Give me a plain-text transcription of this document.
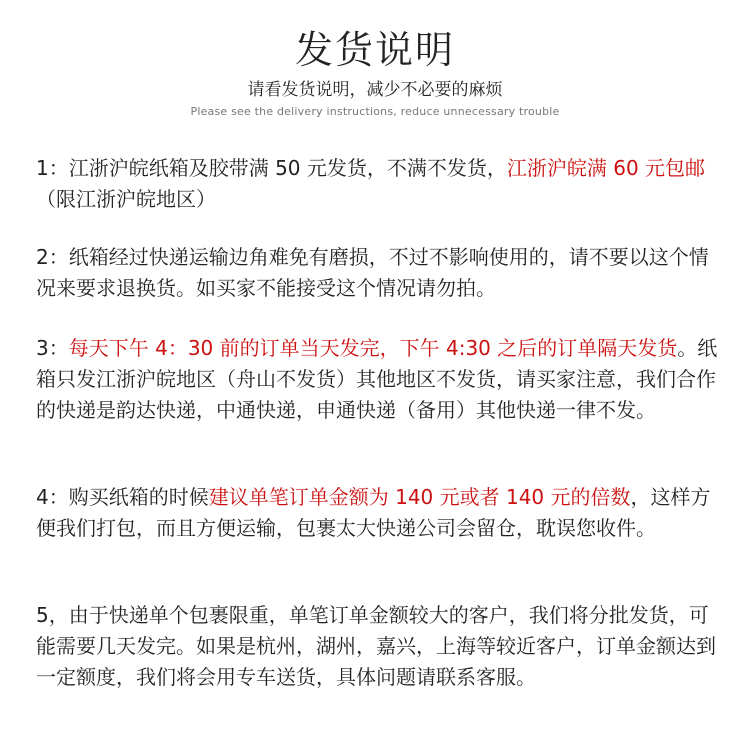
发货说明
请看发货说明，减少不必要的麻烦
Please see the delivery instructions, reduce unnecessary trouble
1：江浙沪皖纸箱及胶带满 50 元发货，不满不发货，江浙沪皖满 60 元包邮（限江浙沪皖地区）
2：纸箱经过快递运输边角难免有磨损，不过不影响使用的，请不要以这个情况来要求退换货。如买家不能接受这个情况请勿拍。
3：每天下午 4：30 前的订单当天发完，下午 4:30 之后的订单隔天发货。纸箱只发江浙沪皖地区（舟山不发货）其他地区不发货，请买家注意，我们合作的快递是韵达快递，中通快递，申通快递（备用）其他快递一律不发。
4：购买纸箱的时候建议单笔订单金额为 140 元或者 140 元的倍数，这样方便我们打包，而且方便运输，包裹太大快递公司会留仓，耽误您收件。
5，由于快递单个包裹限重，单笔订单金额较大的客户，我们将分批发货，可能需要几天发完。如果是杭州，湖州，嘉兴，上海等较近客户，订单金额达到一定额度，我们将会用专车送货，具体问题请联系客服。
